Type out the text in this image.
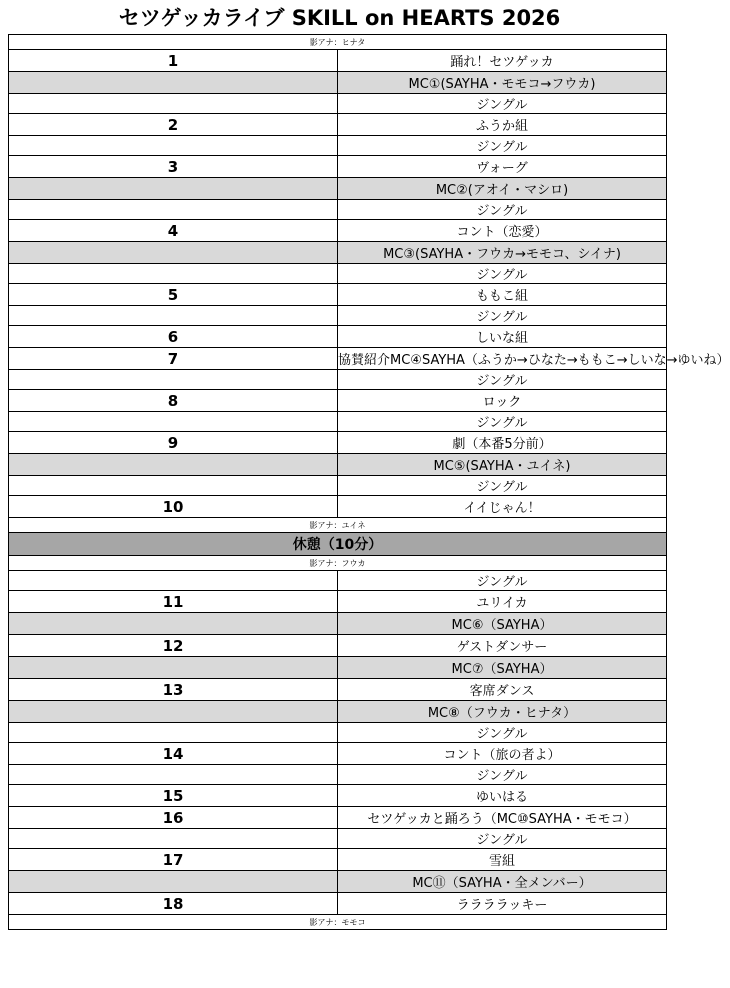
セツゲッカライブ SKILL on HEARTS 2026
影アナ：ヒナタ	
1	踊れ！セツゲッカ
	MC①(SAYHA・モモコ→フウカ)
	ジングル
2	ふうか組
	ジングル
3	ヴォーグ
	MC②(アオイ・マシロ)
	ジングル
4	コント（恋愛）
	MC③(SAYHA・フウカ→モモコ、シイナ)
	ジングル
5	ももこ組
	ジングル
6	しいな組
7	協賛紹介MC④SAYHA（ふうか→ひなた→ももこ→しいな→ゆいね）
	ジングル
8	ロック
	ジングル
9	劇（本番5分前）
	MC⑤(SAYHA・ユイネ)
	ジングル
10	イイじゃん！
影アナ：ユイネ	
休憩（10分）	
影アナ：フウカ	
	ジングル
11	ユリイカ
	MC⑥（SAYHA）
12	ゲストダンサー
	MC⑦（SAYHA）
13	客席ダンス
	MC⑧（フウカ・ヒナタ）
	ジングル
14	コント（旅の者よ）
	ジングル
15	ゆいはる
16	セツゲッカと踊ろう（MC⑩SAYHA・モモコ）
	ジングル
17	雪組
	MC⑪（SAYHA・全メンバー）
18	ララララッキー
影アナ：モモコ	
